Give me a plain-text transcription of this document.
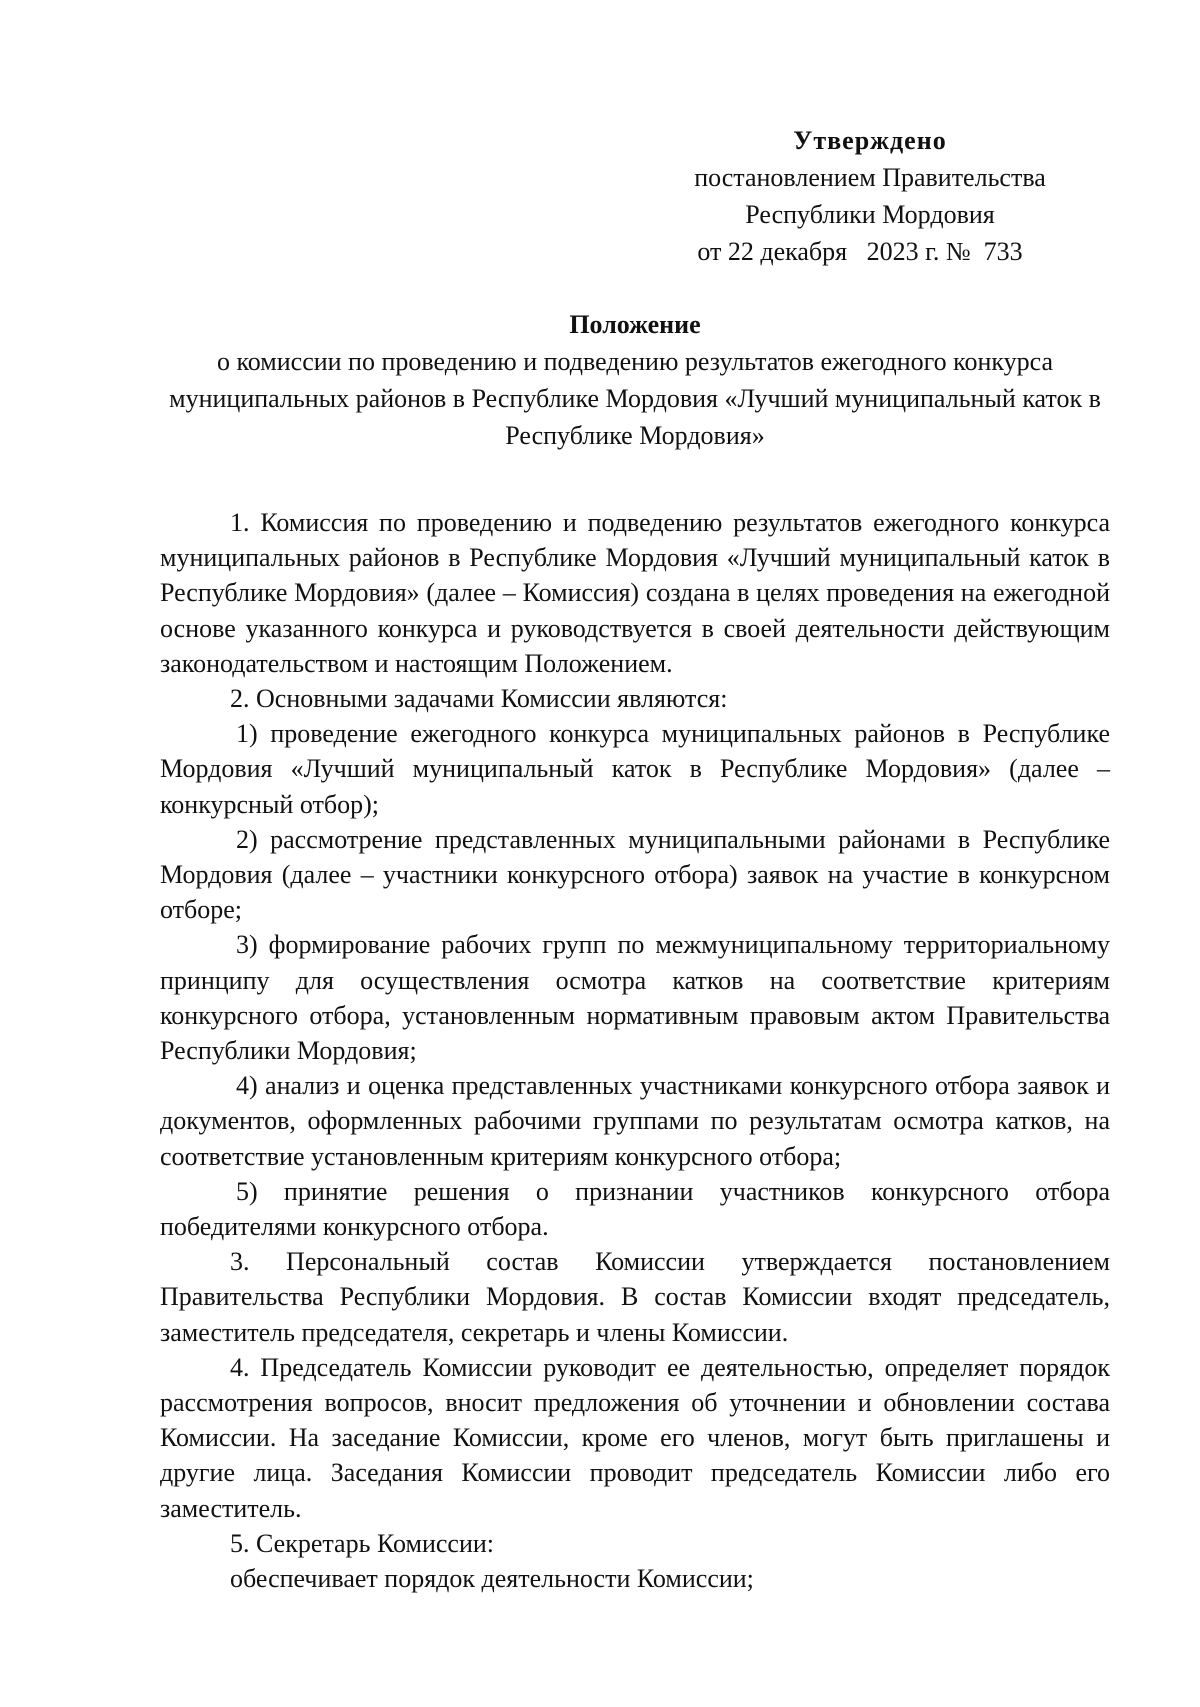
Утверждено
постановлением Правительства
Республики Мордовия
от 22 декабря   2023 г. №  733
Положение
о комиссии по проведению и подведению результатов ежегодного конкурса муниципальных районов в Республике Мордовия «Лучший муниципальный каток в Республике Мордовия»

1. Комиссия по проведению и подведению результатов ежегодного конкурса муниципальных районов в Республике Мордовия «Лучший муниципальный каток в Республике Мордовия» (далее – Комиссия) создана в целях проведения на ежегодной основе указанного конкурса и руководствуется в своей деятельности действующим законодательством и настоящим Положением.

2. Основными задачами Комиссии являются:

1) проведение ежегодного конкурса муниципальных районов в Республике Мордовия «Лучший муниципальный каток в Республике Мордовия» (далее – конкурсный отбор);

2) рассмотрение представленных муниципальными районами в Республике Мордовия (далее – участники конкурсного отбора) заявок на участие в конкурсном отборе;

3) формирование рабочих групп по межмуниципальному территориальному принципу для осуществления осмотра катков на соответствие критериям конкурсного отбора, установленным нормативным правовым актом Правительства Республики Мордовия;

4) анализ и оценка представленных участниками конкурсного отбора заявок и документов, оформленных рабочими группами по результатам осмотра катков, на соответствие установленным критериям конкурсного отбора;

5) принятие решения о признании участников конкурсного отбора победителями конкурсного отбора.

3. Персональный состав Комиссии утверждается постановлением Правительства Республики Мордовия. В состав Комиссии входят председатель, заместитель председателя, секретарь и члены Комиссии.

4. Председатель Комиссии руководит ее деятельностью, определяет порядок рассмотрения вопросов, вносит предложения об уточнении и обновлении состава Комиссии. На заседание Комиссии, кроме его членов, могут быть приглашены и другие лица. Заседания Комиссии проводит председатель Комиссии либо его заместитель.

5. Секретарь Комиссии:

обеспечивает порядок деятельности Комиссии;
